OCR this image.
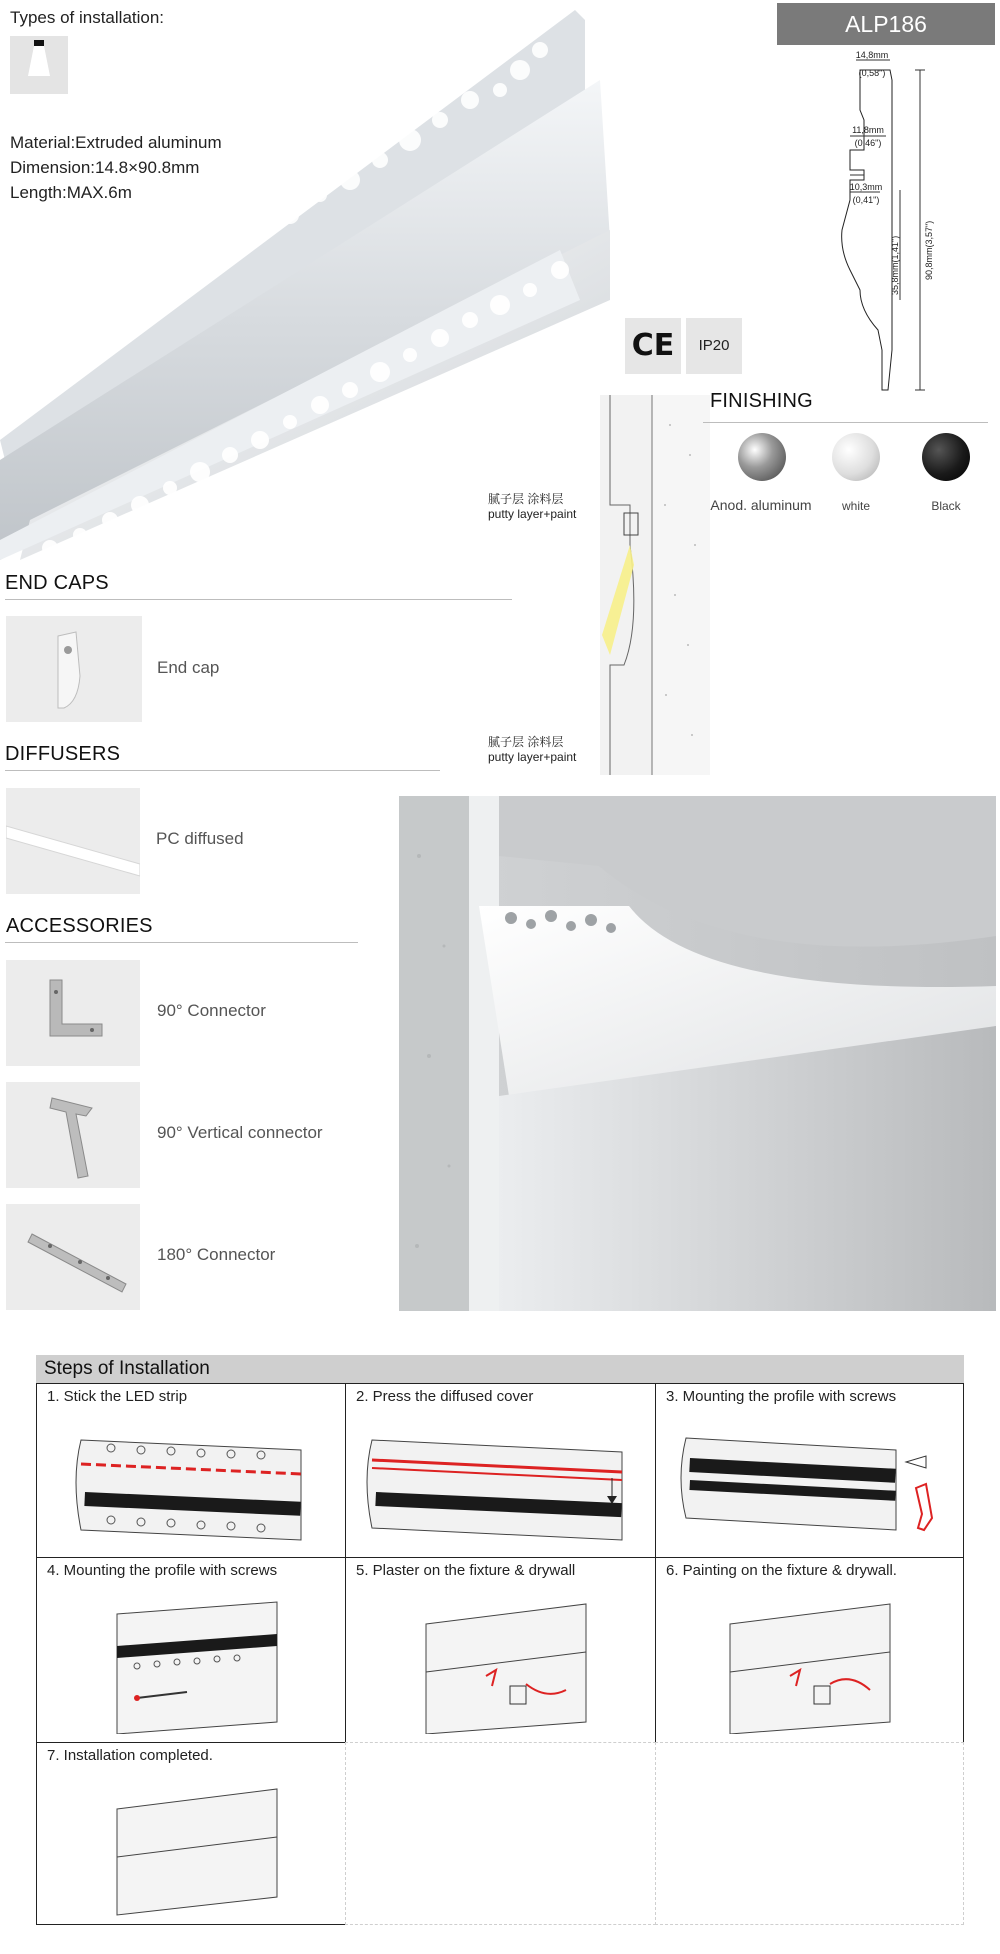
Types of installation:
Material:Extruded aluminum
Dimension:14.8×90.8mm
Length:MAX.6m
ALP186
14,8mm
(0,58")
11,8mm
(0,46")
10,3mm
(0,41")
35,8mm(1,41")	90,8mm(3,57")
CE	IP20
腻子层 涂料层
putty layer+paint
腻子层 涂料层
putty layer+paint
FINISHING
Anod. aluminum	white	Black
END CAPS
End cap
DIFFUSERS
PC diffused
ACCESSORIES
90° Connector
90° Vertical connector
180° Connector
Steps of Installation
1. Stick the LED strip	2. Press the diffused cover	3. Mounting the profile with screws
4. Mounting the profile with screws	5. Plaster on the fixture & drywall	6. Painting on the fixture & drywall.
7. Installation completed.
